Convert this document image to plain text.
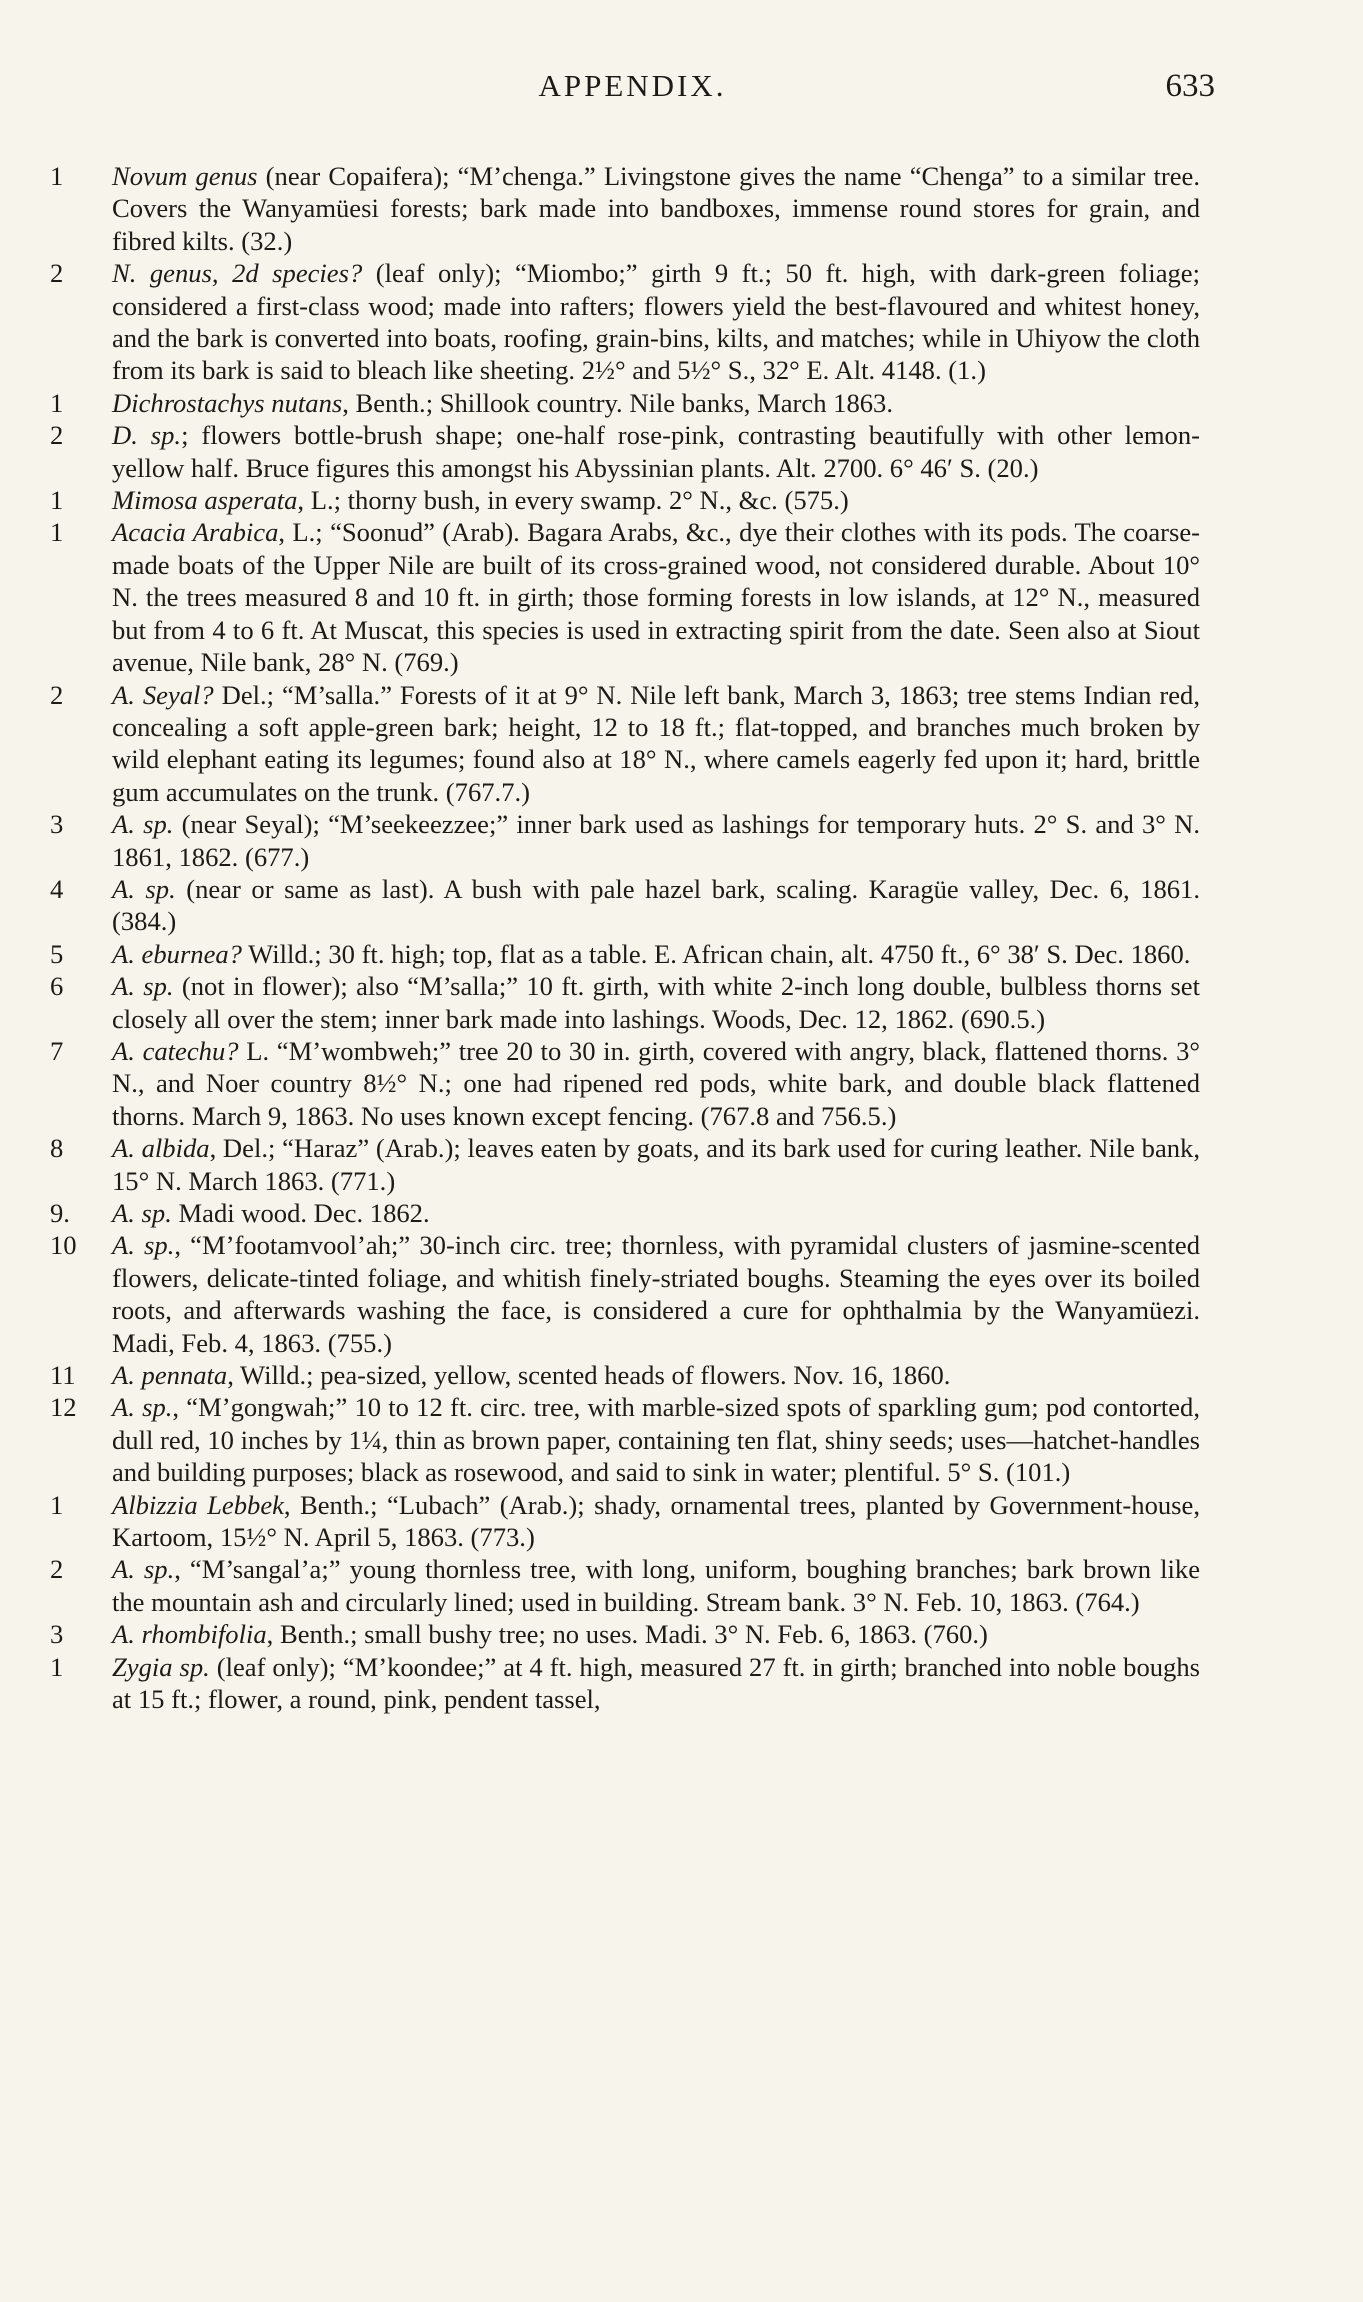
APPENDIX.	633
1 Novum genus (near Copaifera); “M’chenga.” Livingstone gives the name “Chenga” to a similar tree. Covers the Wanyamüesi forests; bark made into bandboxes, immense round stores for grain, and fibred kilts. (32.)
2 N. genus, 2d species? (leaf only); “Miombo;” girth 9 ft.; 50 ft. high, with dark-green foliage; considered a first-class wood; made into rafters; flowers yield the best-flavoured and whitest honey, and the bark is converted into boats, roofing, grain-bins, kilts, and matches; while in Uhiyow the cloth from its bark is said to bleach like sheeting. 2½° and 5½° S., 32° E. Alt. 4148. (1.)
1 Dichrostachys nutans, Benth.; Shillook country. Nile banks, March 1863.
2 D. sp.; flowers bottle-brush shape; one-half rose-pink, contrasting beautifully with other lemon-yellow half. Bruce figures this amongst his Abyssinian plants. Alt. 2700. 6° 46′ S. (20.)
1 Mimosa asperata, L.; thorny bush, in every swamp. 2° N., &c. (575.)
1 Acacia Arabica, L.; “Soonud” (Arab). Bagara Arabs, &c., dye their clothes with its pods. The coarse-made boats of the Upper Nile are built of its cross-grained wood, not considered durable. About 10° N. the trees measured 8 and 10 ft. in girth; those forming forests in low islands, at 12° N., measured but from 4 to 6 ft. At Muscat, this species is used in extracting spirit from the date. Seen also at Siout avenue, Nile bank, 28° N. (769.)
2 A. Seyal? Del.; “M’salla.” Forests of it at 9° N. Nile left bank, March 3, 1863; tree stems Indian red, concealing a soft apple-green bark; height, 12 to 18 ft.; flat-topped, and branches much broken by wild elephant eating its legumes; found also at 18° N., where camels eagerly fed upon it; hard, brittle gum accumulates on the trunk. (767.7.)
3 A. sp. (near Seyal); “M’seekeezzee;” inner bark used as lashings for temporary huts. 2° S. and 3° N. 1861, 1862. (677.)
4 A. sp. (near or same as last). A bush with pale hazel bark, scaling. Karagüe valley, Dec. 6, 1861. (384.)
5 A. eburnea? Willd.; 30 ft. high; top, flat as a table. E. African chain, alt. 4750 ft., 6° 38′ S. Dec. 1860.
6 A. sp. (not in flower); also “M’salla;” 10 ft. girth, with white 2-inch long double, bulbless thorns set closely all over the stem; inner bark made into lashings. Woods, Dec. 12, 1862. (690.5.)
7 A. catechu? L. “M’wombweh;” tree 20 to 30 in. girth, covered with angry, black, flattened thorns. 3° N., and Noer country 8½° N.; one had ripened red pods, white bark, and double black flattened thorns. March 9, 1863. No uses known except fencing. (767.8 and 756.5.)
8 A. albida, Del.; “Haraz” (Arab.); leaves eaten by goats, and its bark used for curing leather. Nile bank, 15° N. March 1863. (771.)
9. A. sp. Madi wood. Dec. 1862.
10 A. sp., “M’footamvool’ah;” 30-inch circ. tree; thornless, with pyramidal clusters of jasmine-scented flowers, delicate-tinted foliage, and whitish finely-striated boughs. Steaming the eyes over its boiled roots, and afterwards washing the face, is considered a cure for ophthalmia by the Wanyamüezi. Madi, Feb. 4, 1863. (755.)
11 A. pennata, Willd.; pea-sized, yellow, scented heads of flowers. Nov. 16, 1860.
12 A. sp., “M’gongwah;” 10 to 12 ft. circ. tree, with marble-sized spots of sparkling gum; pod contorted, dull red, 10 inches by 1¼, thin as brown paper, containing ten flat, shiny seeds; uses—hatchet-handles and building purposes; black as rosewood, and said to sink in water; plentiful. 5° S. (101.)
1 Albizzia Lebbek, Benth.; “Lubach” (Arab.); shady, ornamental trees, planted by Government-house, Kartoom, 15½° N. April 5, 1863. (773.)
2 A. sp., “M’sangal’a;” young thornless tree, with long, uniform, boughing branches; bark brown like the mountain ash and circularly lined; used in building. Stream bank. 3° N. Feb. 10, 1863. (764.)
3 A. rhombifolia, Benth.; small bushy tree; no uses. Madi. 3° N. Feb. 6, 1863. (760.)
1 Zygia sp. (leaf only); “M’koondee;” at 4 ft. high, measured 27 ft. in girth; branched into noble boughs at 15 ft.; flower, a round, pink, pendent tassel,
